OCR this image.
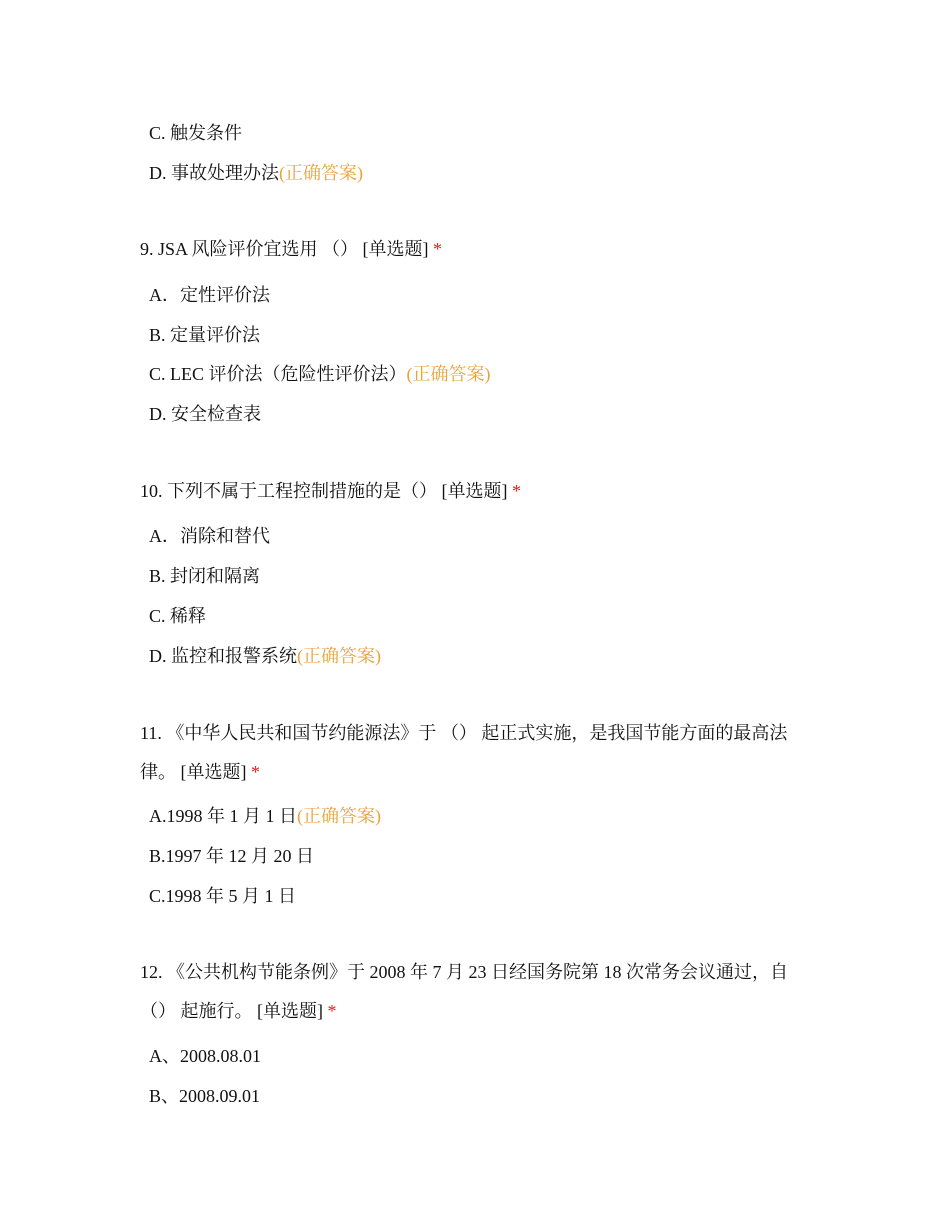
C. 触发条件
D. 事故处理办法(正确答案)
9. JSA 风险评价宜选用 （） [单选题] *
A．定性评价法
B. 定量评价法
C. LEC 评价法（危险性评价法）(正确答案)
D. 安全检查表
10. 下列不属于工程控制措施的是（） [单选题] *
A．消除和替代
B. 封闭和隔离
C. 稀释
D. 监控和报警系统(正确答案)
11. 《中华人民共和国节约能源法》于 （） 起正式实施，是我国节能方面的最高法
律。 [单选题] *
A.1998 年 1 月 1 日(正确答案)
B.1997 年 12 月 20 日
C.1998 年 5 月 1 日
12. 《公共机构节能条例》于 2008 年 7 月 23 日经国务院第 18 次常务会议通过，自
（） 起施行。 [单选题] *
A、2008.08.01
B、2008.09.01
